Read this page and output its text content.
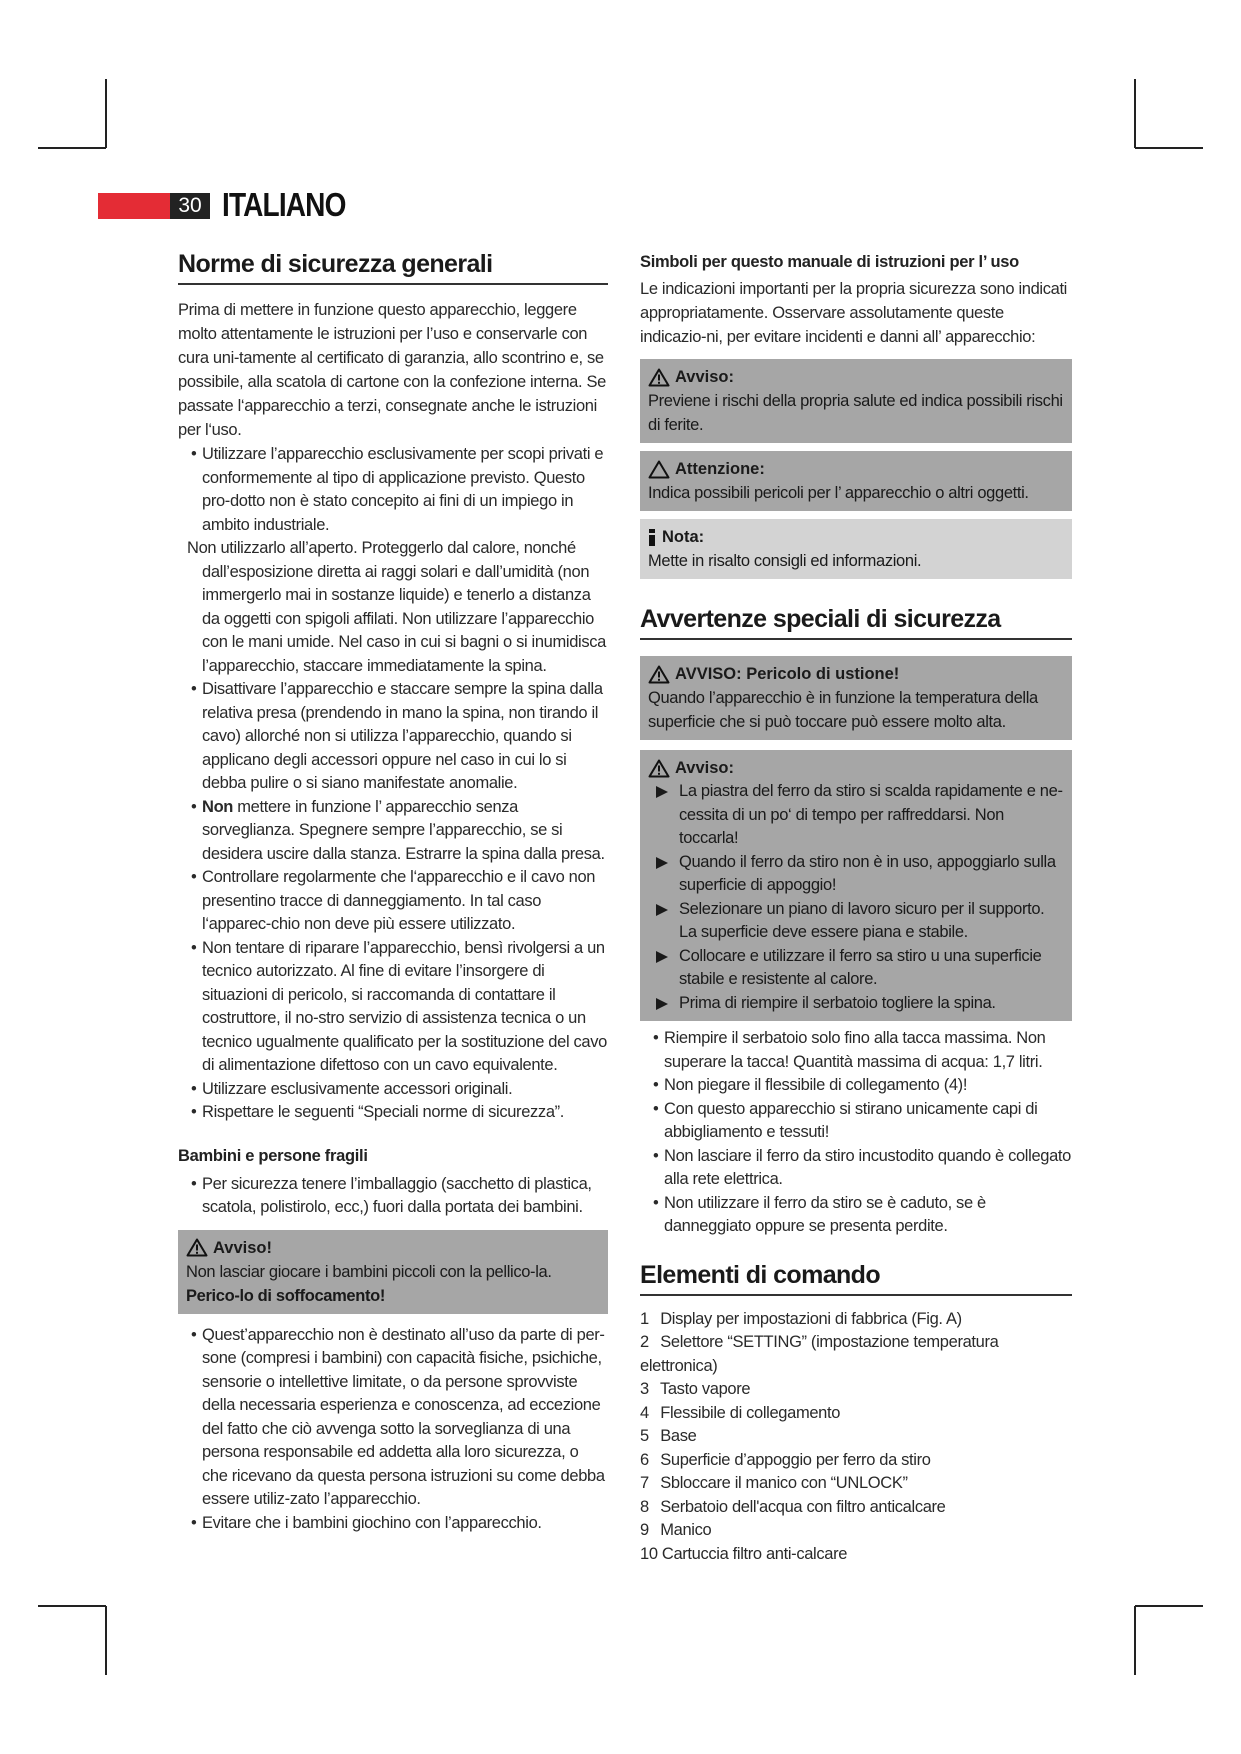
30 ITALIANO
Norme di sicurezza generali

Prima di mettere in funzione questo apparecchio, leggere molto attentamente le istruzioni per l’uso e conservarle con cura uni-tamente al certificato di garanzia, allo scontrino e, se possibile, alla scatola di cartone con la confezione interna. Se passate l‘apparecchio a terzi, consegnate anche le istruzioni per l‘uso.

• Utilizzare l’apparecchio esclusivamente per scopi privati e conformemente al tipo di applicazione previsto. Questo pro-dotto non è stato concepito ai fini di un impiego in ambito industriale.
Non utilizzarlo all’aperto. Proteggerlo dal calore, nonché dall’esposizione diretta ai raggi solari e dall’umidità (non immergerlo mai in sostanze liquide) e tenerlo a distanza da oggetti con spigoli affilati. Non utilizzare l’apparecchio con le mani umide. Nel caso in cui si bagni o si inumidisca l’apparecchio, staccare immediatamente la spina.
• Disattivare l’apparecchio e staccare sempre la spina dalla relativa presa (prendendo in mano la spina, non tirando il cavo) allorché non si utilizza l’apparecchio, quando si applicano degli accessori oppure nel caso in cui lo si debba pulire o si siano manifestate anomalie.
• Non mettere in funzione l’ apparecchio senza sorveglianza. Spegnere sempre l’apparecchio, se si desidera uscire dalla stanza. Estrarre la spina dalla presa.
• Controllare regolarmente che l‘apparecchio e il cavo non presentino tracce di danneggiamento. In tal caso l‘apparec-chio non deve più essere utilizzato.
• Non tentare di riparare l’apparecchio, bensì rivolgersi a un tecnico autorizzato. Al fine di evitare l’insorgere di situazioni di pericolo, si raccomanda di contattare il costruttore, il no-stro servizio di assistenza tecnica o un tecnico ugualmente qualificato per la sostituzione del cavo di alimentazione difettoso con un cavo equivalente.
• Utilizzare esclusivamente accessori originali.
• Rispettare le seguenti “Speciali norme di sicurezza”.
Bambini e persone fragili
• Per sicurezza tenere l’imballaggio (sacchetto di plastica, scatola, polistirolo, ecc,) fuori dalla portata dei bambini.
Avviso!
Non lasciar giocare i bambini piccoli con la pellico-la. Perico-lo di soffocamento!
• Quest’apparecchio non è destinato all’uso da parte di per-sone (compresi i bambini) con capacità fisiche, psichiche, sensorie o intellettive limitate, o da persone sprovviste della necessaria esperienza e conoscenza, ad eccezione del fatto che ciò avvenga sotto la sorveglianza di una persona responsabile ed addetta alla loro sicurezza, o che ricevano da questa persona istruzioni su come debba essere utiliz-zato l’apparecchio.
• Evitare che i bambini giochino con l’apparecchio.
Simboli per questo manuale di istruzioni per l’ uso

Le indicazioni importanti per la propria sicurezza sono indicati appropriatamente. Osservare assolutamente queste indicazio-ni, per evitare incidenti e danni all’ apparecchio:

Avviso:
Previene i rischi della propria salute ed indica possibili rischi di ferite.
Attenzione:
Indica possibili pericoli per l’ apparecchio o altri oggetti.
Nota:
Mette in risalto consigli ed informazioni.
Avvertenze speciali di sicurezza
AVVISO: Pericolo di ustione!
Quando l’apparecchio è in funzione la temperatura della superficie che si può toccare può essere molto alta.
Avviso:
La piastra del ferro da stiro si scalda rapidamente e ne-cessita di un po‘ di tempo per raffreddarsi. Non toccarla!
Quando il ferro da stiro non è in uso, appoggiarlo sulla superficie di appoggio!
Selezionare un piano di lavoro sicuro per il supporto. La superficie deve essere piana e stabile.
Collocare e utilizzare il ferro sa stiro u una superficie stabile e resistente al calore.
Prima di riempire il serbatoio togliere la spina.
• Riempire il serbatoio solo fino alla tacca massima. Non superare la tacca! Quantità massima di acqua: 1,7 litri.
• Non piegare il flessibile di collegamento (4)!
• Con questo apparecchio si stirano unicamente capi di abbigliamento e tessuti!
• Non lasciare il ferro da stiro incustodito quando è collegato alla rete elettrica.
• Non utilizzare il ferro da stiro se è caduto, se è danneggiato oppure se presenta perdite.
Elementi di comando
1 Display per impostazioni di fabbrica (Fig. A)
2 Selettore “SETTING” (impostazione temperatura elettronica)
3 Tasto vapore
4 Flessibile di collegamento
5 Base
6 Superficie d’appoggio per ferro da stiro
7 Sbloccare il manico con “UNLOCK”
8 Serbatoio dell'acqua con filtro anticalcare
9 Manico
10 Cartuccia filtro anti-calcare
